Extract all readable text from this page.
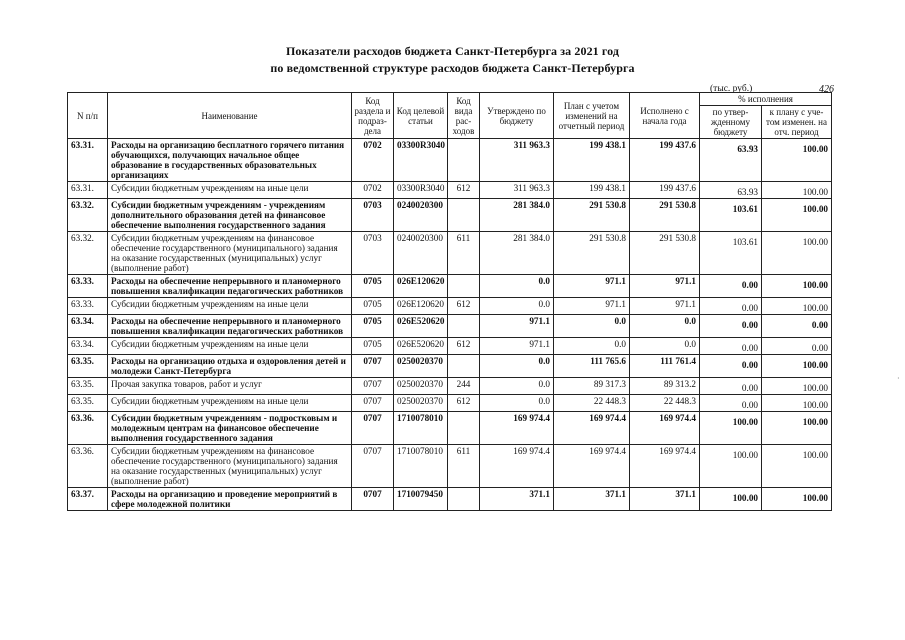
Показатели расходов бюджета Санкт-Петербурга за 2021 год
по ведомственной структуре расходов бюджета Санкт-Петербурга
(тыс. руб.)	426
N п/п	Наименование	Код раздела и подраз-дела	Код целевой статьи	Код вида рас-ходов	Утверждено по бюджету	План с учетом изменений на отчетный период	Исполнено с начала года	% исполнения	
								по утвер-жденному бюджету	к плану с уче-том изменен. на отч. период
63.31.	Расходы на организацию бесплатного горячего питания обучающихся, получающих начальное общее образование в государственных образовательных организациях	0702	03300R3040		311 963.3	199 438.1	199 437.6	63.93	100.00
63.31.	Субсидии бюджетным учреждениям на иные цели	0702	03300R3040	612	311 963.3	199 438.1	199 437.6	63.93	100.00
63.32.	Субсидии бюджетным учреждениям - учреждениям дополнительного образования детей на финансовое обеспечение выполнения государственного задания	0703	0240020300		281 384.0	291 530.8	291 530.8	103.61	100.00
63.32.	Субсидии бюджетным учреждениям на финансовое обеспечение государственного (муниципального) задания на оказание государственных (муниципальных) услуг (выполнение работ)	0703	0240020300	611	281 384.0	291 530.8	291 530.8	103.61	100.00
63.33.	Расходы на обеспечение непрерывного и планомерного повышения квалификации педагогических работников	0705	026E120620		0.0	971.1	971.1	0.00	100.00
63.33.	Субсидии бюджетным учреждениям на иные цели	0705	026E120620	612	0.0	971.1	971.1	0.00	100.00
63.34.	Расходы на обеспечение непрерывного и планомерного повышения квалификации педагогических работников	0705	026E520620		971.1	0.0	0.0	0.00	0.00
63.34.	Субсидии бюджетным учреждениям на иные цели	0705	026E520620	612	971.1	0.0	0.0	0.00	0.00
63.35.	Расходы на организацию отдыха и оздоровления детей и молодежи Санкт-Петербурга	0707	0250020370		0.0	111 765.6	111 761.4	0.00	100.00
63.35.	Прочая закупка товаров, работ и услуг	0707	0250020370	244	0.0	89 317.3	89 313.2	0.00	100.00
63.35.	Субсидии бюджетным учреждениям на иные цели	0707	0250020370	612	0.0	22 448.3	22 448.3	0.00	100.00
63.36.	Субсидии бюджетным учреждениям - подростковым и молодежным центрам на финансовое обеспечение выполнения государственного задания	0707	1710078010		169 974.4	169 974.4	169 974.4	100.00	100.00
63.36.	Субсидии бюджетным учреждениям на финансовое обеспечение государственного (муниципального) задания на оказание государственных (муниципальных) услуг (выполнение работ)	0707	1710078010	611	169 974.4	169 974.4	169 974.4	100.00	100.00
63.37.	Расходы на организацию и проведение мероприятий в сфере молодежной политики	0707	1710079450		371.1	371.1	371.1	100.00	100.00
·
